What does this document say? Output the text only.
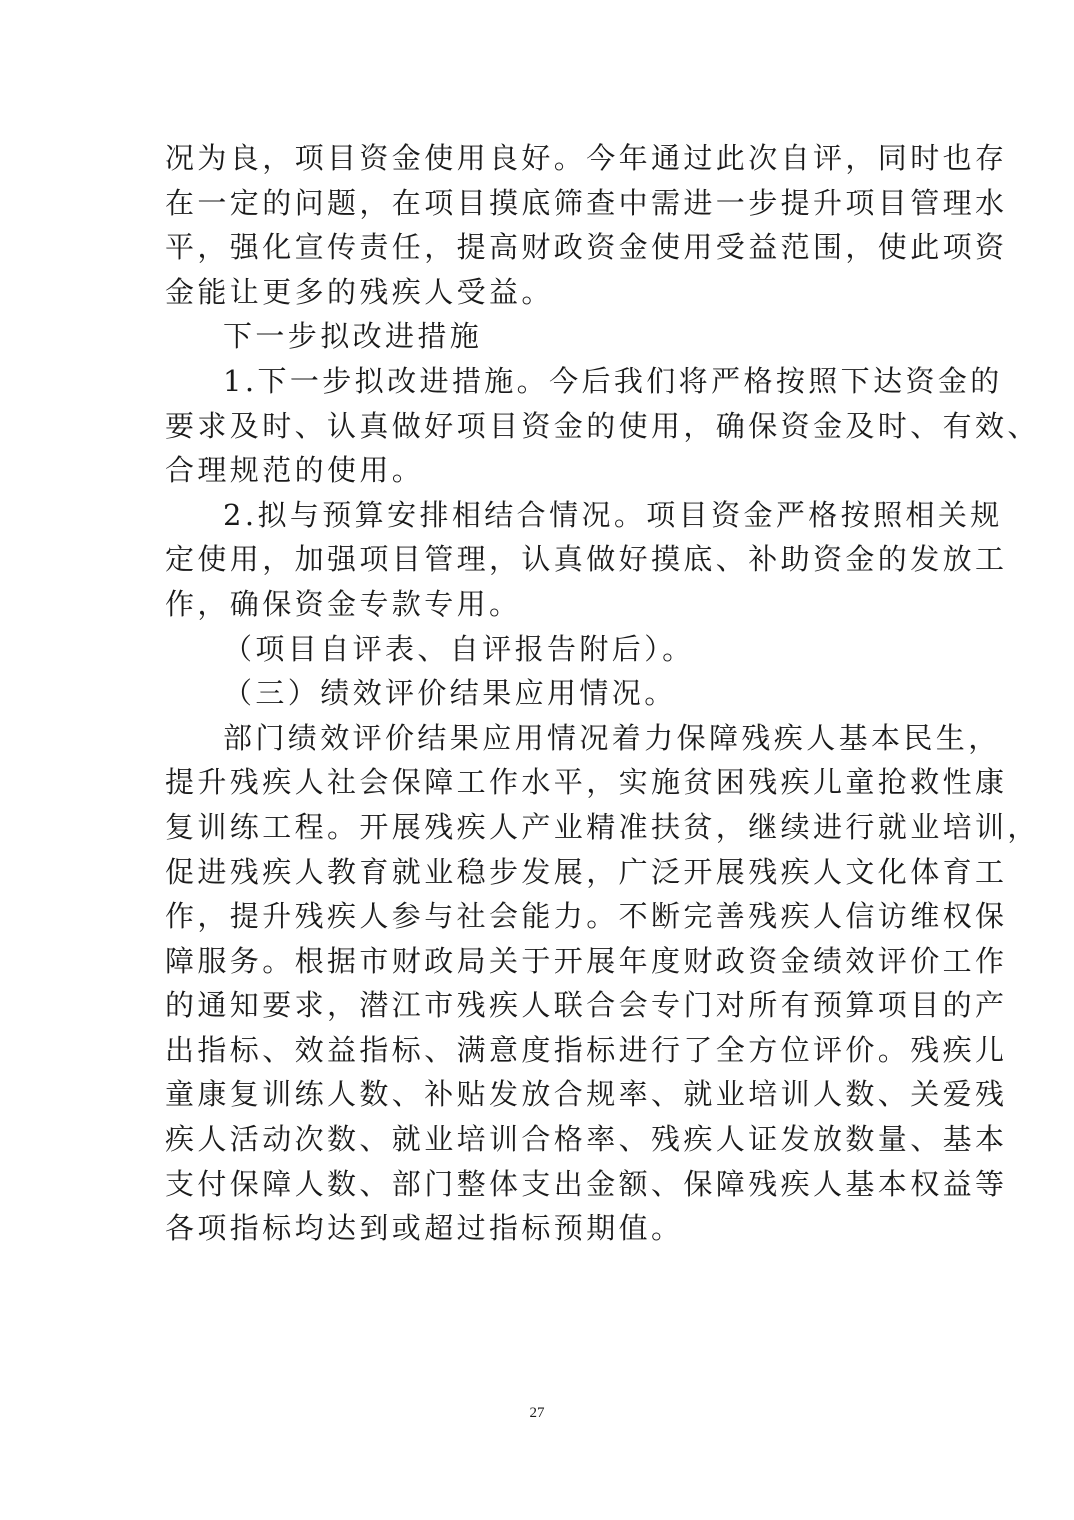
况为良，项目资金使用良好。今年通过此次自评，同时也存
在一定的问题，在项目摸底筛查中需进一步提升项目管理水
平，强化宣传责任，提高财政资金使用受益范围，使此项资
金能让更多的残疾人受益。
下一步拟改进措施
1.下一步拟改进措施。今后我们将严格按照下达资金的
要求及时、认真做好项目资金的使用，确保资金及时、有效、
合理规范的使用。
2.拟与预算安排相结合情况。项目资金严格按照相关规
定使用，加强项目管理，认真做好摸底、补助资金的发放工
作，确保资金专款专用。
（项目自评表、自评报告附后）。
（三）绩效评价结果应用情况。
部门绩效评价结果应用情况着力保障残疾人基本民生，
提升残疾人社会保障工作水平，实施贫困残疾儿童抢救性康
复训练工程。开展残疾人产业精准扶贫，继续进行就业培训，
促进残疾人教育就业稳步发展，广泛开展残疾人文化体育工
作，提升残疾人参与社会能力。不断完善残疾人信访维权保
障服务。根据市财政局关于开展年度财政资金绩效评价工作
的通知要求，潜江市残疾人联合会专门对所有预算项目的产
出指标、效益指标、满意度指标进行了全方位评价。残疾儿
童康复训练人数、补贴发放合规率、就业培训人数、关爱残
疾人活动次数、就业培训合格率、残疾人证发放数量、基本
支付保障人数、部门整体支出金额、保障残疾人基本权益等
各项指标均达到或超过指标预期值。

27
